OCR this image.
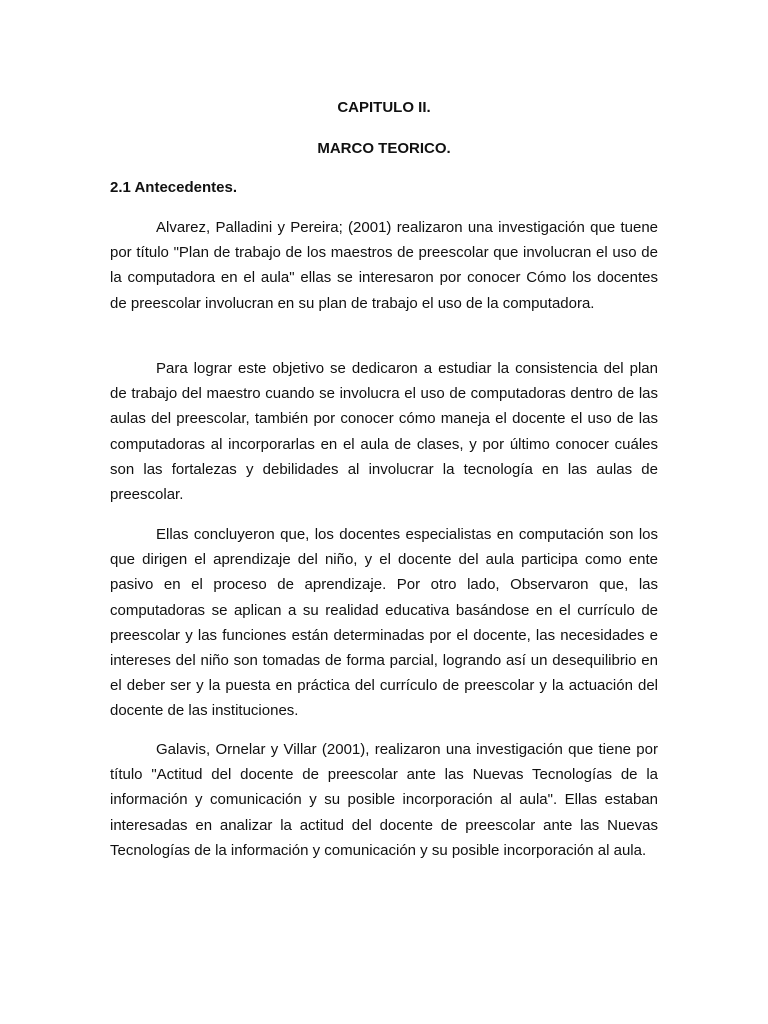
CAPITULO II.
MARCO TEORICO.
2.1 Antecedentes.

Alvarez, Palladini y Pereira; (2001) realizaron una investigación que tuene por título "Plan de trabajo de los maestros de preescolar que involucran el uso de la computadora en el aula" ellas se interesaron por conocer Cómo los docentes de preescolar involucran en su plan de trabajo el uso de la computadora.

Para lograr este objetivo se dedicaron a estudiar la consistencia del plan de trabajo del maestro cuando se involucra el uso de computadoras dentro de las aulas del preescolar, también por conocer cómo maneja el docente el uso de las computadoras al incorporarlas en el aula de clases, y por último conocer cuáles son las fortalezas y debilidades al involucrar la tecnología en las aulas de preescolar.

Ellas concluyeron que, los docentes especialistas en computación son los que dirigen el aprendizaje del niño, y el docente del aula participa como ente pasivo en el proceso de aprendizaje. Por otro lado, Observaron que, las computadoras se aplican a su realidad educativa basándose en el currículo de preescolar y las funciones están determinadas por el docente, las necesidades e intereses del niño son tomadas de forma parcial, logrando así un desequilibrio en el deber ser y la puesta en práctica del currículo de preescolar y la actuación del docente de las instituciones.

Galavis, Ornelar y Villar (2001), realizaron una investigación que tiene por título "Actitud del docente de preescolar ante las Nuevas Tecnologías de la información y comunicación y su posible incorporación al aula". Ellas estaban interesadas en analizar la actitud del docente de preescolar ante las Nuevas Tecnologías de la información y comunicación y su posible incorporación al aula.
